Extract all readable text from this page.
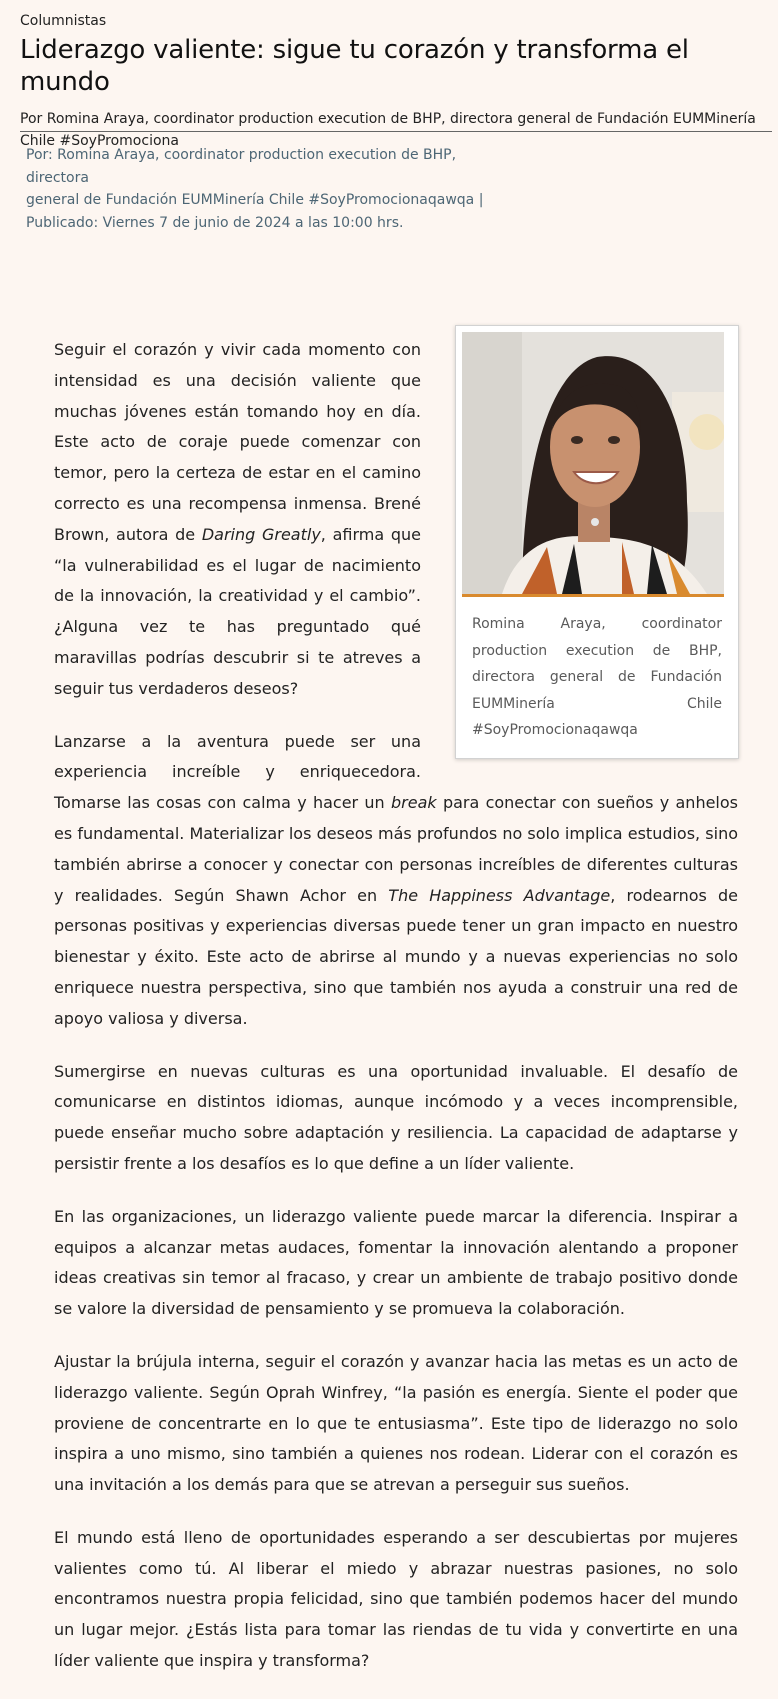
Columnistas

Liderazgo valiente: sigue tu corazón y transforma el mundo

Por Romina Araya, coordinator production execution de BHP, directora general de Fundación EUMMinería Chile #SoyPromociona

Por: Romina Araya, coordinator production execution de BHP, directora
general de Fundación EUMMinería Chile #SoyPromocionaqawqa |
Publicado: Viernes 7 de junio de 2024 a las 10:00 hrs.
Romina Araya, coordinator production execution de BHP, directora general de Fundación EUMMinería Chile #SoyPromocionaqawqa

Seguir el corazón y vivir cada momento con intensidad es una decisión valiente que muchas jóvenes están tomando hoy en día. Este acto de coraje puede comenzar con temor, pero la certeza de estar en el camino correcto es una recompensa inmensa. Brené Brown, autora de Daring Greatly, afirma que “la vulnerabilidad es el lugar de nacimiento de la innovación, la creatividad y el cambio”. ¿Alguna vez te has preguntado qué maravillas podrías descubrir si te atreves a seguir tus verdaderos deseos?

Lanzarse a la aventura puede ser una experiencia increíble y enriquecedora. Tomarse las cosas con calma y hacer un break para conectar con sueños y anhelos es fundamental. Materializar los deseos más profundos no solo implica estudios, sino también abrirse a conocer y conectar con personas increíbles de diferentes culturas y realidades. Según Shawn Achor en The Happiness Advantage, rodearnos de personas positivas y experiencias diversas puede tener un gran impacto en nuestro bienestar y éxito. Este acto de abrirse al mundo y a nuevas experiencias no solo enriquece nuestra perspectiva, sino que también nos ayuda a construir una red de apoyo valiosa y diversa.

Sumergirse en nuevas culturas es una oportunidad invaluable. El desafío de comunicarse en distintos idiomas, aunque incómodo y a veces incomprensible, puede enseñar mucho sobre adaptación y resiliencia. La capacidad de adaptarse y persistir frente a los desafíos es lo que define a un líder valiente.

En las organizaciones, un liderazgo valiente puede marcar la diferencia. Inspirar a equipos a alcanzar metas audaces, fomentar la innovación alentando a proponer ideas creativas sin temor al fracaso, y crear un ambiente de trabajo positivo donde se valore la diversidad de pensamiento y se promueva la colaboración.

Ajustar la brújula interna, seguir el corazón y avanzar hacia las metas es un acto de liderazgo valiente. Según Oprah Winfrey, “la pasión es energía. Siente el poder que proviene de concentrarte en lo que te entusiasma”. Este tipo de liderazgo no solo inspira a uno mismo, sino también a quienes nos rodean. Liderar con el corazón es una invitación a los demás para que se atrevan a perseguir sus sueños.

El mundo está lleno de oportunidades esperando a ser descubiertas por mujeres valientes como tú. Al liberar el miedo y abrazar nuestras pasiones, no solo encontramos nuestra propia felicidad, sino que también podemos hacer del mundo un lugar mejor. ¿Estás lista para tomar las riendas de tu vida y convertirte en una líder valiente que inspira y transforma?
